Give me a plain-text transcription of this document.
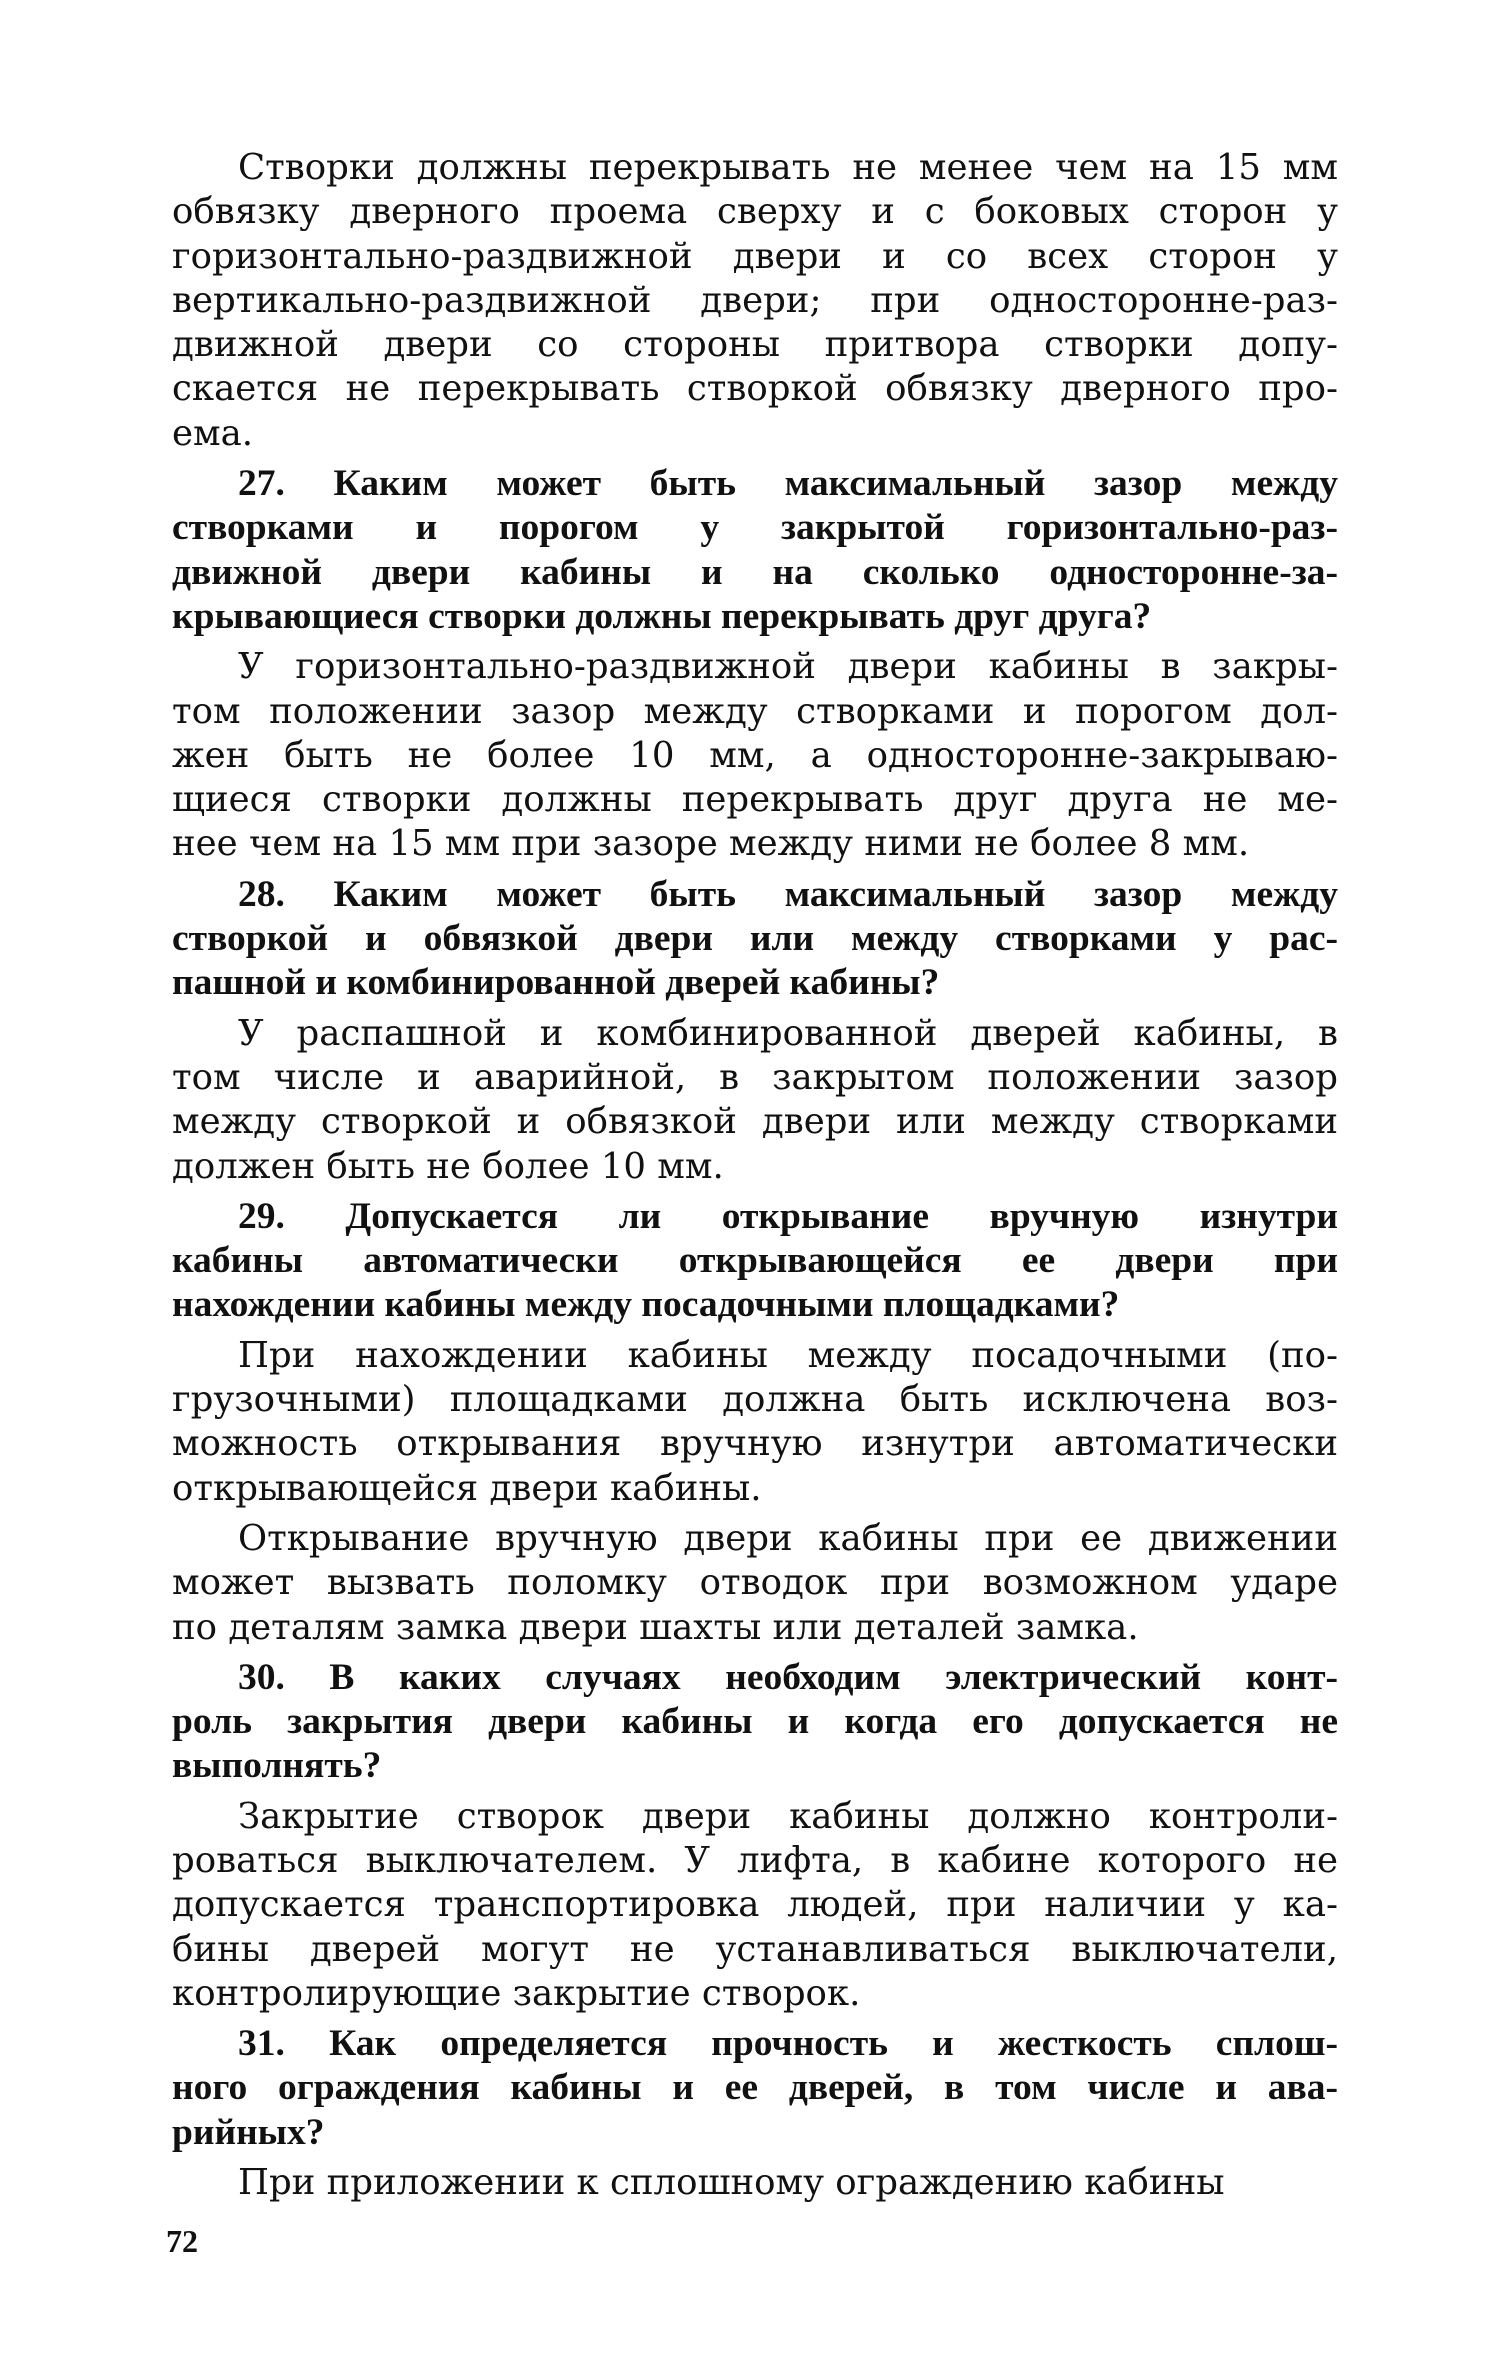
Створки должны перекрывать не менее чем на 15 мм

обвязку дверного проема сверху и с боковых сторон у

горизонтально-раздвижной двери и со всех сторон у

вертикально-раздвижной двери; при односторонне-раз-

движной двери со стороны притвора створки допу-

скается не перекрывать створкой обвязку дверного про-

ема.

27. Каким может быть максимальный зазор между

створками и порогом у закрытой горизонтально-раз-

движной двери кабины и на сколько односторонне-за-

крывающиеся створки должны перекрывать друг друга?

У горизонтально-раздвижной двери кабины в закры-

том положении зазор между створками и порогом дол-

жен быть не более 10 мм, а односторонне-закрываю-

щиеся створки должны перекрывать друг друга не ме-

нее чем на 15 мм при зазоре между ними не более 8 мм.

28. Каким может быть максимальный зазор между

створкой и обвязкой двери или между створками у рас-

пашной и комбинированной дверей кабины?

У распашной и комбинированной дверей кабины, в

том числе и аварийной, в закрытом положении зазор

между створкой и обвязкой двери или между створками

должен быть не более 10 мм.

29. Допускается ли открывание вручную изнутри

кабины автоматически открывающейся ее двери при

нахождении кабины между посадочными площадками?

При нахождении кабины между посадочными (по-

грузочными) площадками должна быть исключена воз-

можность открывания вручную изнутри автоматически

открывающейся двери кабины.

Открывание вручную двери кабины при ее движении

может вызвать поломку отводок при возможном ударе

по деталям замка двери шахты или деталей замка.

30. В каких случаях необходим электрический конт-

роль закрытия двери кабины и когда его допускается не

выполнять?

Закрытие створок двери кабины должно контроли-

роваться выключателем. У лифта, в кабине которого не

допускается транспортировка людей, при наличии у ка-

бины дверей могут не устанавливаться выключатели,

контролирующие закрытие створок.

31. Как определяется прочность и жесткость сплош-

ного ограждения кабины и ее дверей, в том числе и ава-

рийных?

При приложении к сплошному ограждению кабины

72
